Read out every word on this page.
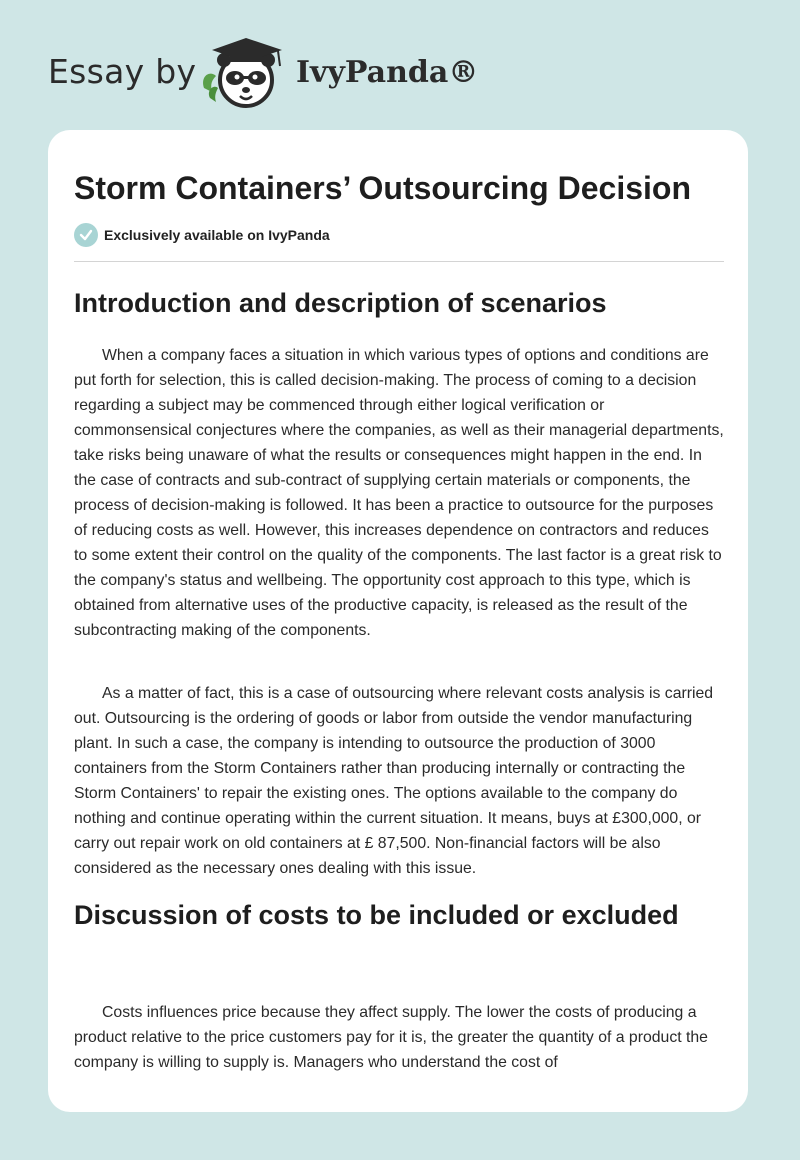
Essay by	IvyPanda®
Storm Containers’ Outsourcing Decision
Exclusively available on IvyPanda
Introduction and description of scenarios

When a company faces a situation in which various types of options and conditions are put forth for selection, this is called decision-making. The process of coming to a decision regarding a subject may be commenced through either logical verification or commonsensical conjectures where the companies, as well as their managerial departments, take risks being unaware of what the results or consequences might happen in the end. In the case of contracts and sub-contract of supplying certain materials or components, the process of decision-making is followed. It has been a practice to outsource for the purposes of reducing costs as well. However, this increases dependence on contractors and reduces to some extent their control on the quality of the components. The last factor is a great risk to the company's status and wellbeing. The opportunity cost approach to this type, which is obtained from alternative uses of the productive capacity, is released as the result of the subcontracting making of the components.

As a matter of fact, this is a case of outsourcing where relevant costs analysis is carried out. Outsourcing is the ordering of goods or labor from outside the vendor manufacturing plant. In such a case, the company is intending to outsource the production of 3000 containers from the Storm Containers rather than producing internally or contracting the Storm Containers' to repair the existing ones. The options available to the company do nothing and continue operating within the current situation. It means, buys at £300,000, or carry out repair work on old containers at £ 87,500. Non-financial factors will be also considered as the necessary ones dealing with this issue.

Discussion of costs to be included or excluded

Costs influences price because they affect supply. The lower the costs of producing a product relative to the price customers pay for it is, the greater the quantity of a product the company is willing to supply is. Managers who understand the cost of
